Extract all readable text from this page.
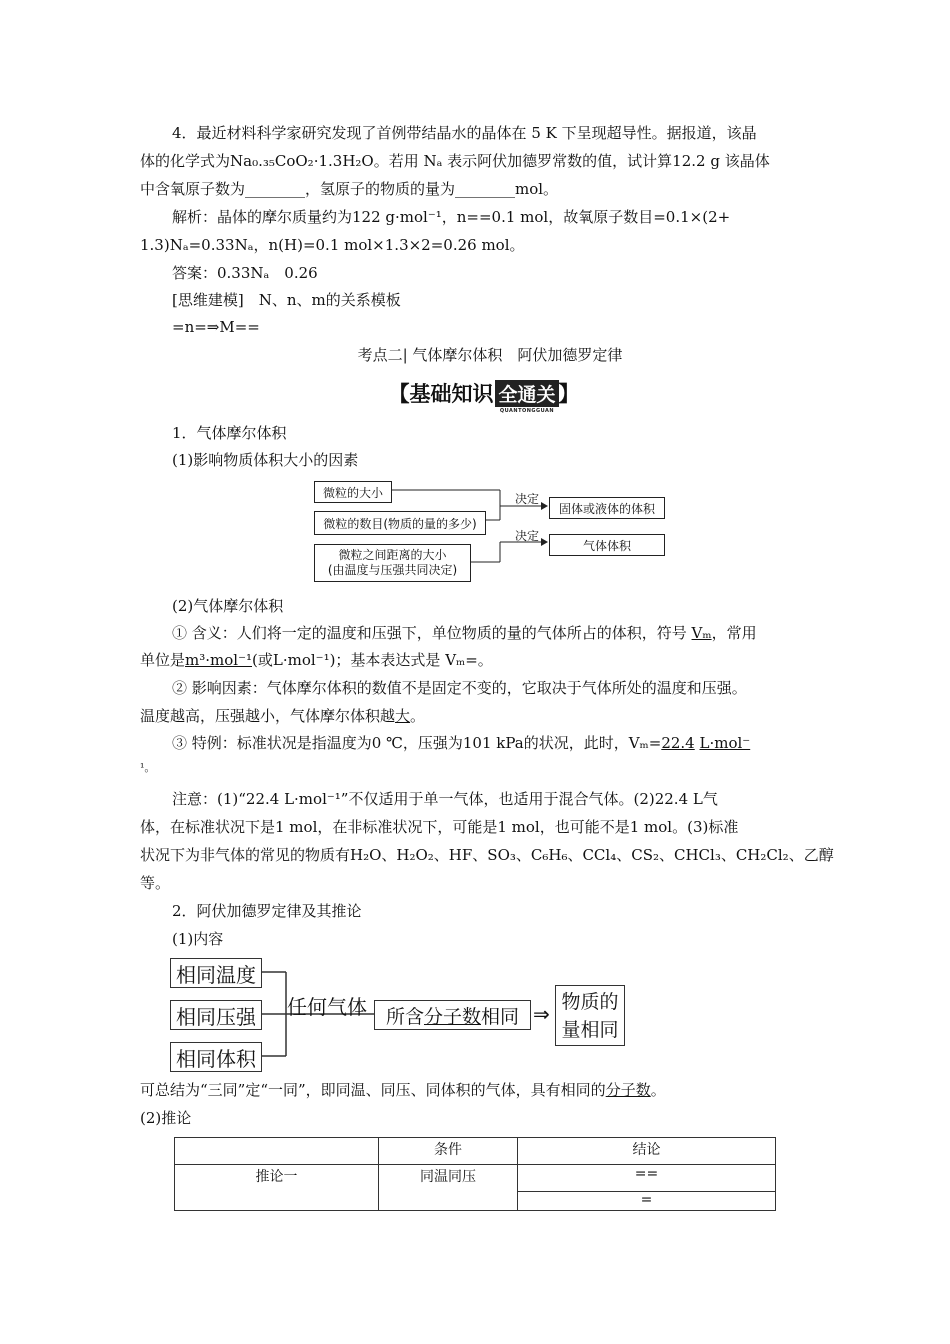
4．最近材料科学家研究发现了首例带结晶水的晶体在 5 K 下呈现超导性。据报道，该晶
体的化学式为Na₀.₃₅CoO₂·1.3H₂O。若用 Nₐ 表示阿伏加德罗常数的值，试计算12.2 g 该晶体
中含氧原子数为________，氢原子的物质的量为________mol。
解析：晶体的摩尔质量约为122 g·mol⁻¹，n==0.1 mol，故氧原子数目=0.1×(2+
1.3)Nₐ=0.33Nₐ，n(H)=0.1 mol×1.3×2=0.26 mol。
答案：0.33Nₐ　0.26
[思维建模]　N、n、m的关系模板
=n=⇒M==
考点二| 气体摩尔体积　阿伏加德罗定律
【基础知识 全通关
QUANTONGGUAN
】
1．气体摩尔体积
(1)影响物质体积大小的因素
微粒的大小
微粒的数目(物质的量的多少)
微粒之间距离的大小
(由温度与压强共同决定)
决定
决定
固体或液体的体积
气体体积
(2)气体摩尔体积
① 含义：人们将一定的温度和压强下，单位物质的量的气体所占的体积，符号 Vₘ，常用
单位是m³·mol⁻¹(或L·mol⁻¹)；基本表达式是 Vₘ=。
② 影响因素：气体摩尔体积的数值不是固定不变的，它取决于气体所处的温度和压强。
温度越高，压强越小，气体摩尔体积越大。
③ 特例：标准状况是指温度为0 ℃，压强为101 kPa的状况，此时，Vₘ=22.4 L·mol⁻
¹。
注意：(1)“22.4 L·mol⁻¹”不仅适用于单一气体，也适用于混合气体。(2)22.4 L气
体，在标准状况下是1 mol，在非标准状况下，可能是1 mol，也可能不是1 mol。(3)标准
状况下为非气体的常见的物质有H₂O、H₂O₂、HF、SO₃、C₆H₆、CCl₄、CS₂、CHCl₃、CH₂Cl₂、乙醇
等。
2．阿伏加德罗定律及其推论
(1)内容
相同温度
相同压强
相同体积
任何气体 所含 分子数 相同 ⇒
物质的
量相同
可总结为“三同”定“一同”，即同温、同压、同体积的气体，具有相同的分子数。
(2)推论
	条件	结论
推论一	同温同压	==
		=
